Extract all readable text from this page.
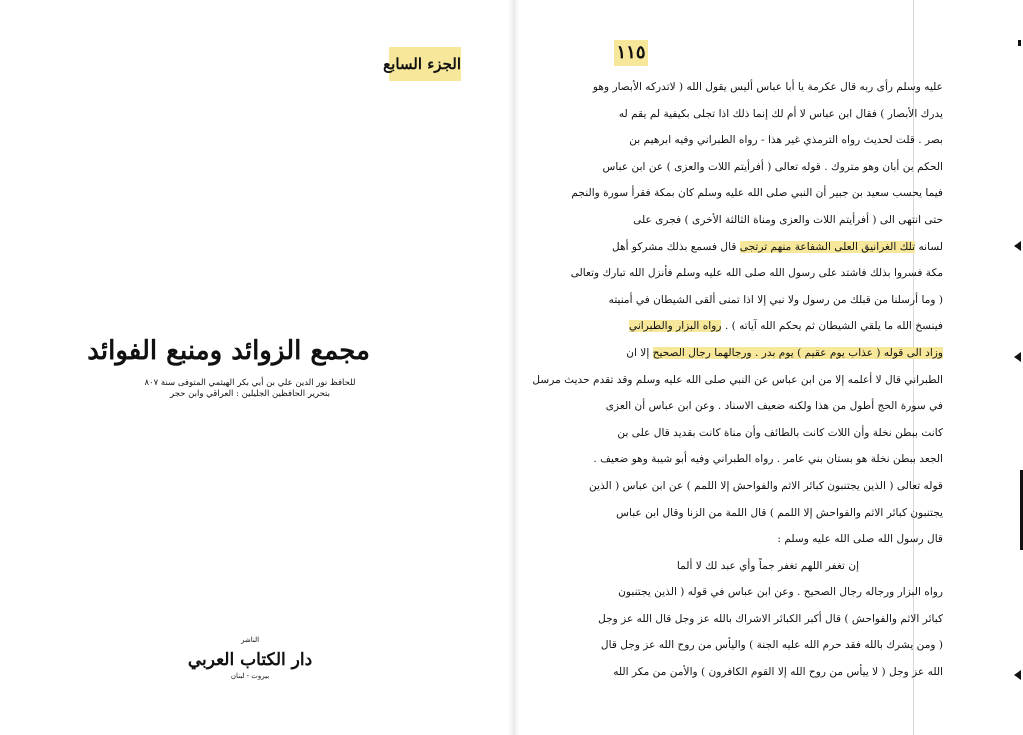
الجزء السابع
مجمع الزوائد ومنبع الفوائد
للحافظ نور الدين علي بن أبي بكر الهيثمي المتوفى سنة ٨٠٧
بتحرير الحافظين الجليلين : العراقي وابن حجر
الناشر
دار الكتاب العربي
بيروت - لبنان
١١٥
عليه وسلم رأى ربه قال عكرمة يا أبا عباس أليس يقول الله ( لاتدركه الأبصار وهو
يدرك الأبصار ) فقال ابن عباس لا أم لك إنما ذلك اذا تجلى بكيفية لم يقم له
بصر . قلت لحديث رواه الترمذي غير هذا - رواه الطبراني وفيه ابرهيم بن
الحكم بن أبان وهو متروك . قوله تعالى ( أفرأيتم اللات والعزى ) عن ابن عباس
فيما يحسب سعيد بن جبير أن النبي صلى الله عليه وسلم كان بمكة فقرأ سورة والنجم
حتى انتهى الى ( أفرأيتم اللات والعزى ومناة الثالثة الأخرى ) فجرى على
لسانه تلك الغرانيق العلى الشفاعة منهم ترتجى قال فسمع بذلك مشركو أهل
مكة فسروا بذلك فاشتد على رسول الله صلى الله عليه وسلم فأنزل الله تبارك وتعالى
( وما أرسلنا من قبلك من رسول ولا نبي إلا اذا تمنى ألقى الشيطان في أمنيته
فينسخ الله ما يلقي الشيطان ثم يحكم الله آياته ) . رواه البزار والطبراني
وزاد الى قوله ( عذاب يوم عقيم ) يوم بدر . ورجالهما رجال الصحيح إلا ان
الطبراني قال لا أعلمه إلا من ابن عباس عن النبي صلى الله عليه وسلم وقد تقدم حديث مرسل
في سورة الحج أطول من هذا ولكنه ضعيف الاسناد . وعن ابن عباس أن العزى
كانت ببطن نخلة وأن اللات كانت بالطائف وأن مناة كانت بقديد قال على بن
الجعد ببطن نخلة هو بستان بني عامر . رواه الطبراني وفيه أبو شيبة وهو ضعيف .
قوله تعالى ( الذين يجتنبون كبائر الاثم والفواحش إلا اللمم ) عن ابن عباس ( الذين
يجتنبون كبائر الاثم والفواحش إلا اللمم ) قال اللمة من الزنا وقال ابن عباس
قال رسول الله صلى الله عليه وسلم :
إن تغفر اللهم تغفر جماً وأي عبد لك لا ألما
رواه البزار ورجاله رجال الصحيح . وعن ابن عباس في قوله ( الذين يجتنبون
كبائر الاثم والفواحش ) قال أكبر الكبائر الاشراك بالله عز وجل قال الله عز وجل
( ومن يشرك بالله فقد حرم الله عليه الجنة ) واليأس من روح الله عز وجل قال
الله عز وجل ( لا ييأس من روح الله إلا القوم الكافرون ) والأمن من مكر الله
